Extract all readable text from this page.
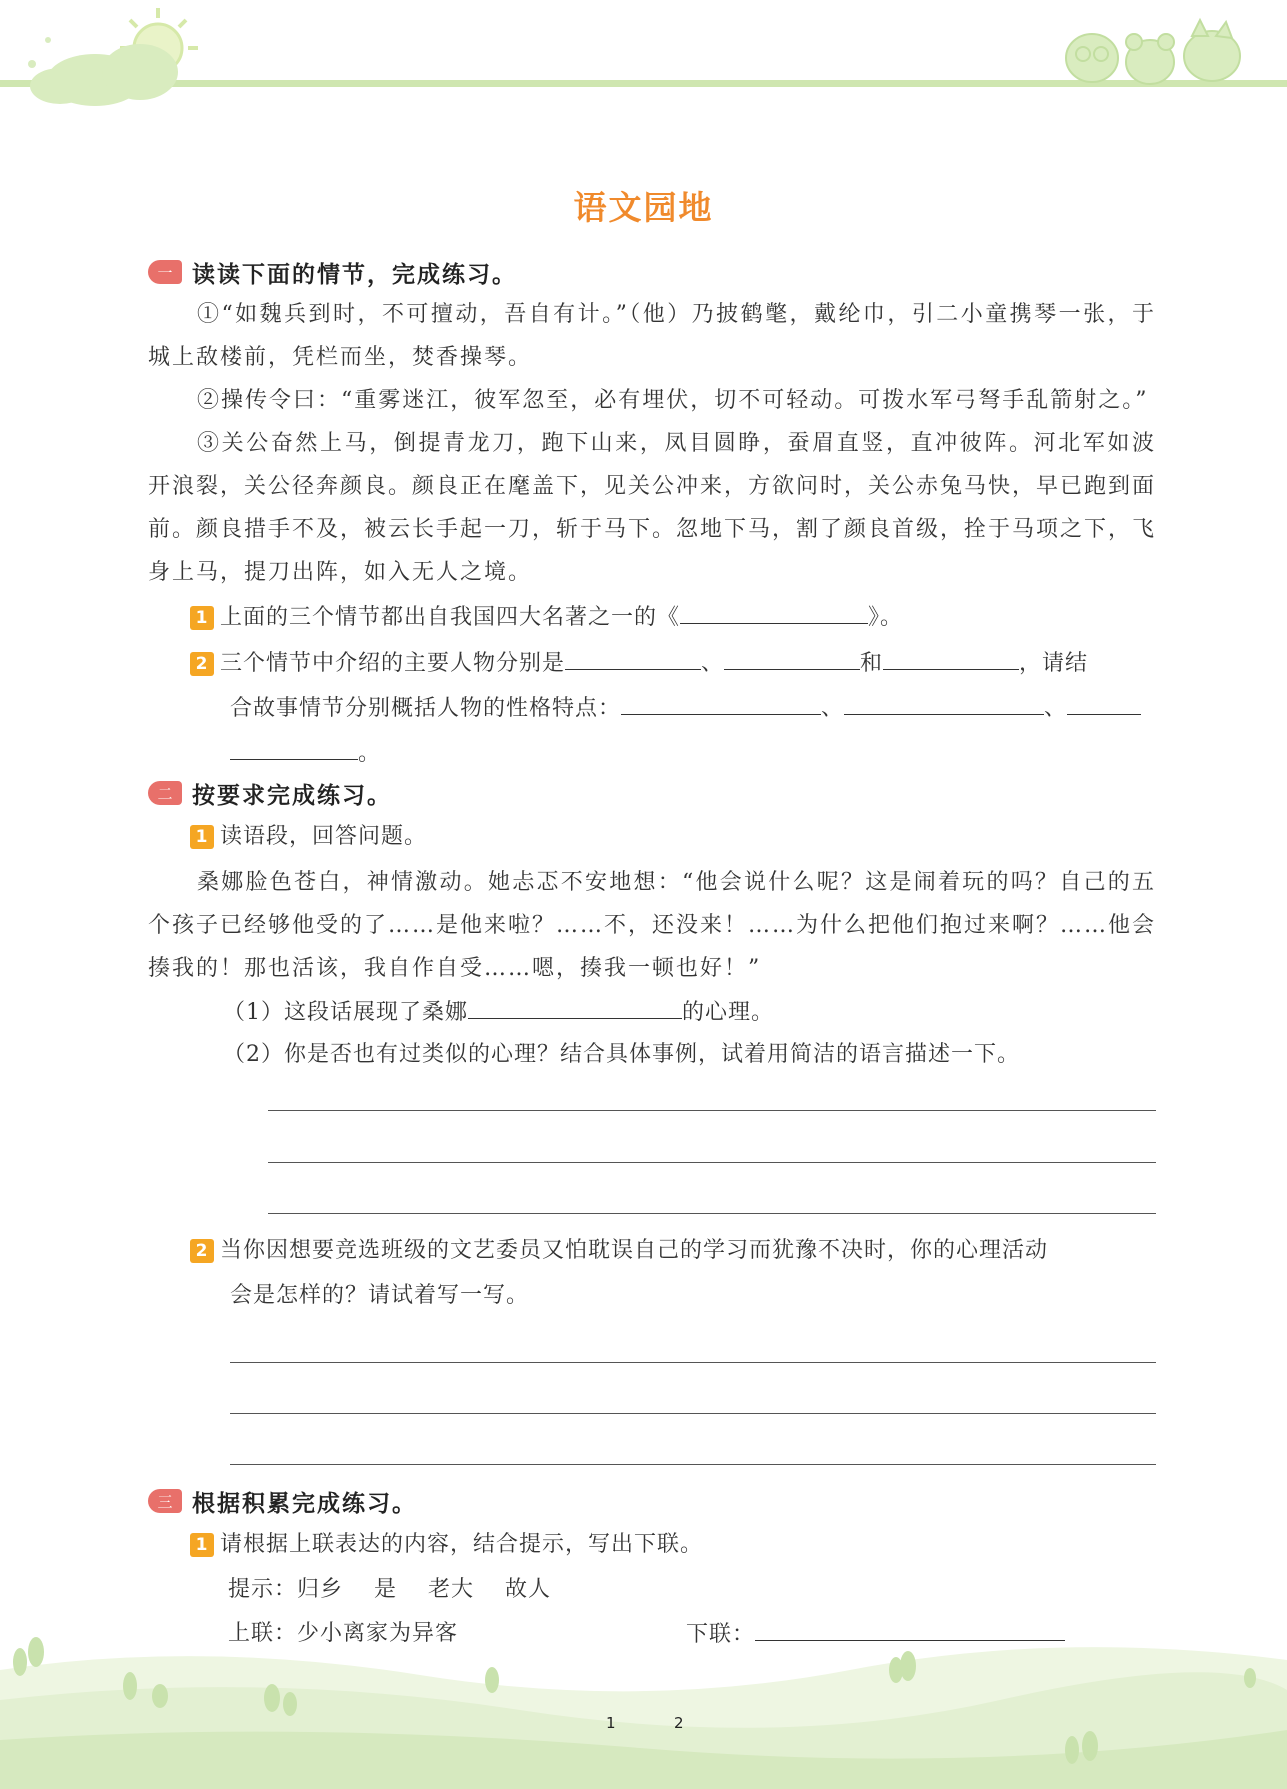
语文园地
一 读读下面的情节，完成练习。
①“如魏兵到时，不可擅动，吾自有计。”（他）乃披鹤氅，戴纶巾，引二小童携琴一张，于城上敌楼前，凭栏而坐，焚香操琴。
②操传令曰：“重雾迷江，彼军忽至，必有埋伏，切不可轻动。可拨水军弓弩手乱箭射之。”
③关公奋然上马，倒提青龙刀，跑下山来，凤目圆睁，蚕眉直竖，直冲彼阵。河北军如波开浪裂，关公径奔颜良。颜良正在麾盖下，见关公冲来，方欲问时，关公赤兔马快，早已跑到面前。颜良措手不及，被云长手起一刀，斩于马下。忽地下马，割了颜良首级，拴于马项之下，飞身上马，提刀出阵，如入无人之境。
1 上面的三个情节都出自我国四大名著之一的《	》。
2 三个情节中介绍的主要人物分别是	、	和	，请结
合故事情节分别概括人物的性格特点：	、	、
。
二 按要求完成练习。
1 读语段，回答问题。
桑娜脸色苍白，神情激动。她忐忑不安地想：“他会说什么呢？这是闹着玩的吗？自己的五个孩子已经够他受的了……是他来啦？……不，还没来！……为什么把他们抱过来啊？……他会揍我的！那也活该，我自作自受……嗯，揍我一顿也好！”
（1）这段话展现了桑娜	的心理。
（2）你是否也有过类似的心理？结合具体事例，试着用简洁的语言描述一下。
2 当你因想要竞选班级的文艺委员又怕耽误自己的学习而犹豫不决时，你的心理活动
会是怎样的？请试着写一写。
三 根据积累完成练习。
1 请根据上联表达的内容，结合提示，写出下联。
提示：归乡　 是　 老大　 故人
上联：少小离家为异客	下联：
1	2
